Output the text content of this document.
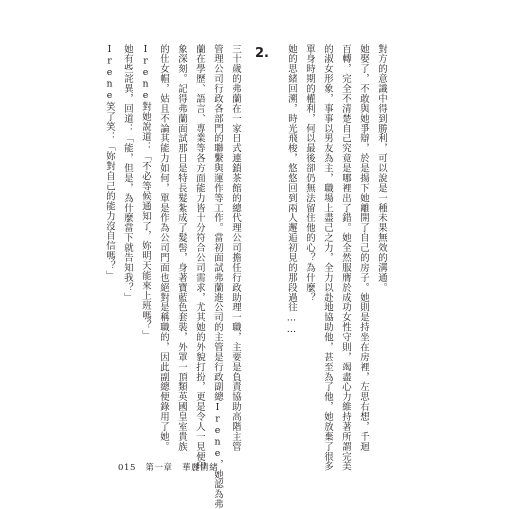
對方的意識中得到勝利，可以說是一種未果無效的溝通。
她娶了，不敢與她爭辯，於是揚下她離開了自己的房子。她則是持坐在房裡，左思右想，千迴
百轉，完全不清楚自己究竟是哪裡出了錯。她全然服膺於成功女性守則，竭盡心力維持著所謂完美
的淑女形象，事事以男友為主，職場上盡己之力，全力以赴地協助他，甚至為了他，她放棄了很多
單身時期的權利，何以最後卻仍無法留住他的心？為什麼？
她的思緒回溯，時光飛梭，悠悠回到兩人邂逅初見的那段過往……
2.
三十歲的弗蘭在一家日式連鎖茶館的總代理公司擔任行政助理一職，主要是負責協助高階主管
管理公司行政各部門的聯繫與運作等工作。當初面試弗蘭進公司的主管是行政副總Irene，她認為弗
蘭在學歷、語言、專業等各方面能力皆十分符合公司需求，尤其她的外貌打扮，更是令人一見便印
象深刻。記得弗蘭面試那日是特長髮紮成了髮髻，身著寶藍色套裝，外罩一頂類英國皇室貴族
的仕女帽，姑且不論其能力如何，單是作為公司門面也絕對是稱職的，因此副總便錄用了她。
Irene對她說道：「不必等候通知了，妳明天能來上班嗎？」
她有些詫異，回道：「能，但是，為什麼當下就告知我？」
Irene笑了笑：「妳對自己的能力沒自信嗎？」
015 第一章 華麗情緒
